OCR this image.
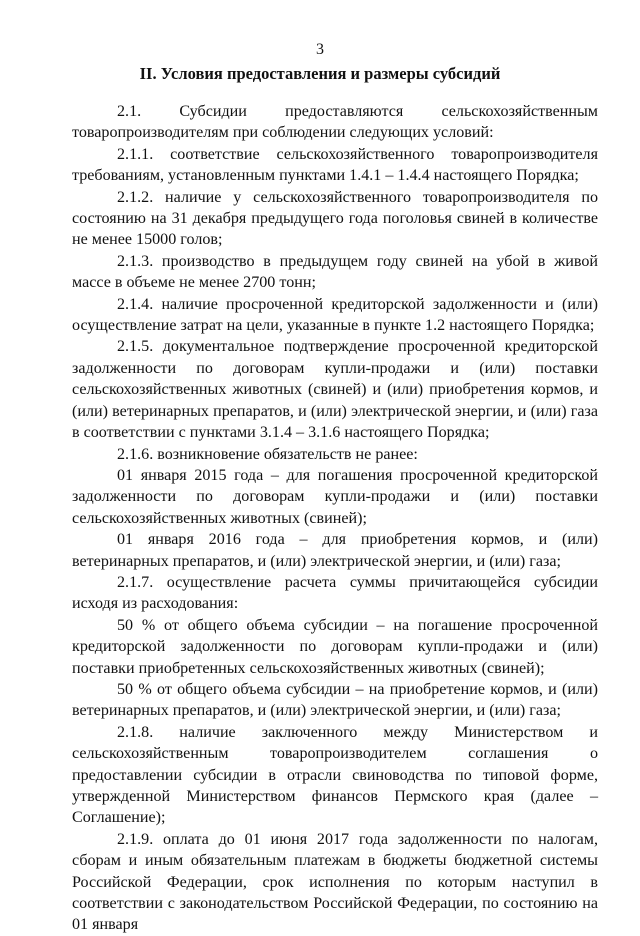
3
II. Условия предоставления и размеры субсидий

2.1. Субсидии предоставляются сельскохозяйственным товаропроизводителям при соблюдении следующих условий:

2.1.1. соответствие сельскохозяйственного товаропроизводителя требованиям, установленным пунктами 1.4.1 – 1.4.4 настоящего Порядка;

2.1.2. наличие у сельскохозяйственного товаропроизводителя по состоянию на 31 декабря предыдущего года поголовья свиней в количестве не менее 15000 голов;

2.1.3. производство в предыдущем году свиней на убой в живой массе в объеме не менее 2700 тонн;

2.1.4. наличие просроченной кредиторской задолженности и (или) осуществление затрат на цели, указанные в пункте 1.2 настоящего Порядка;

2.1.5. документальное подтверждение просроченной кредиторской задолженности по договорам купли-продажи и (или) поставки сельскохозяйственных животных (свиней) и (или) приобретения кормов, и (или) ветеринарных препаратов, и (или) электрической энергии, и (или) газа в соответствии с пунктами 3.1.4 – 3.1.6 настоящего Порядка;

2.1.6. возникновение обязательств не ранее:

01 января 2015 года – для погашения просроченной кредиторской задолженности по договорам купли-продажи и (или) поставки сельскохозяйственных животных (свиней);

01 января 2016 года – для приобретения кормов, и (или) ветеринарных препаратов, и (или) электрической энергии, и (или) газа;

2.1.7. осуществление расчета суммы причитающейся субсидии исходя из расходования:

50 % от общего объема субсидии – на погашение просроченной кредиторской задолженности по договорам купли-продажи и (или) поставки приобретенных сельскохозяйственных животных (свиней);

50 % от общего объема субсидии – на приобретение кормов, и (или) ветеринарных препаратов, и (или) электрической энергии, и (или) газа;

2.1.8. наличие заключенного между Министерством и сельскохозяйственным товаропроизводителем соглашения о предоставлении субсидии в отрасли свиноводства по типовой форме, утвержденной Министерством финансов Пермского края (далее – Соглашение);

2.1.9. оплата до 01 июня 2017 года задолженности по налогам, сборам и иным обязательным платежам в бюджеты бюджетной системы Российской Федерации, срок исполнения по которым наступил в соответствии с законодательством Российской Федерации, по состоянию на 01 января
